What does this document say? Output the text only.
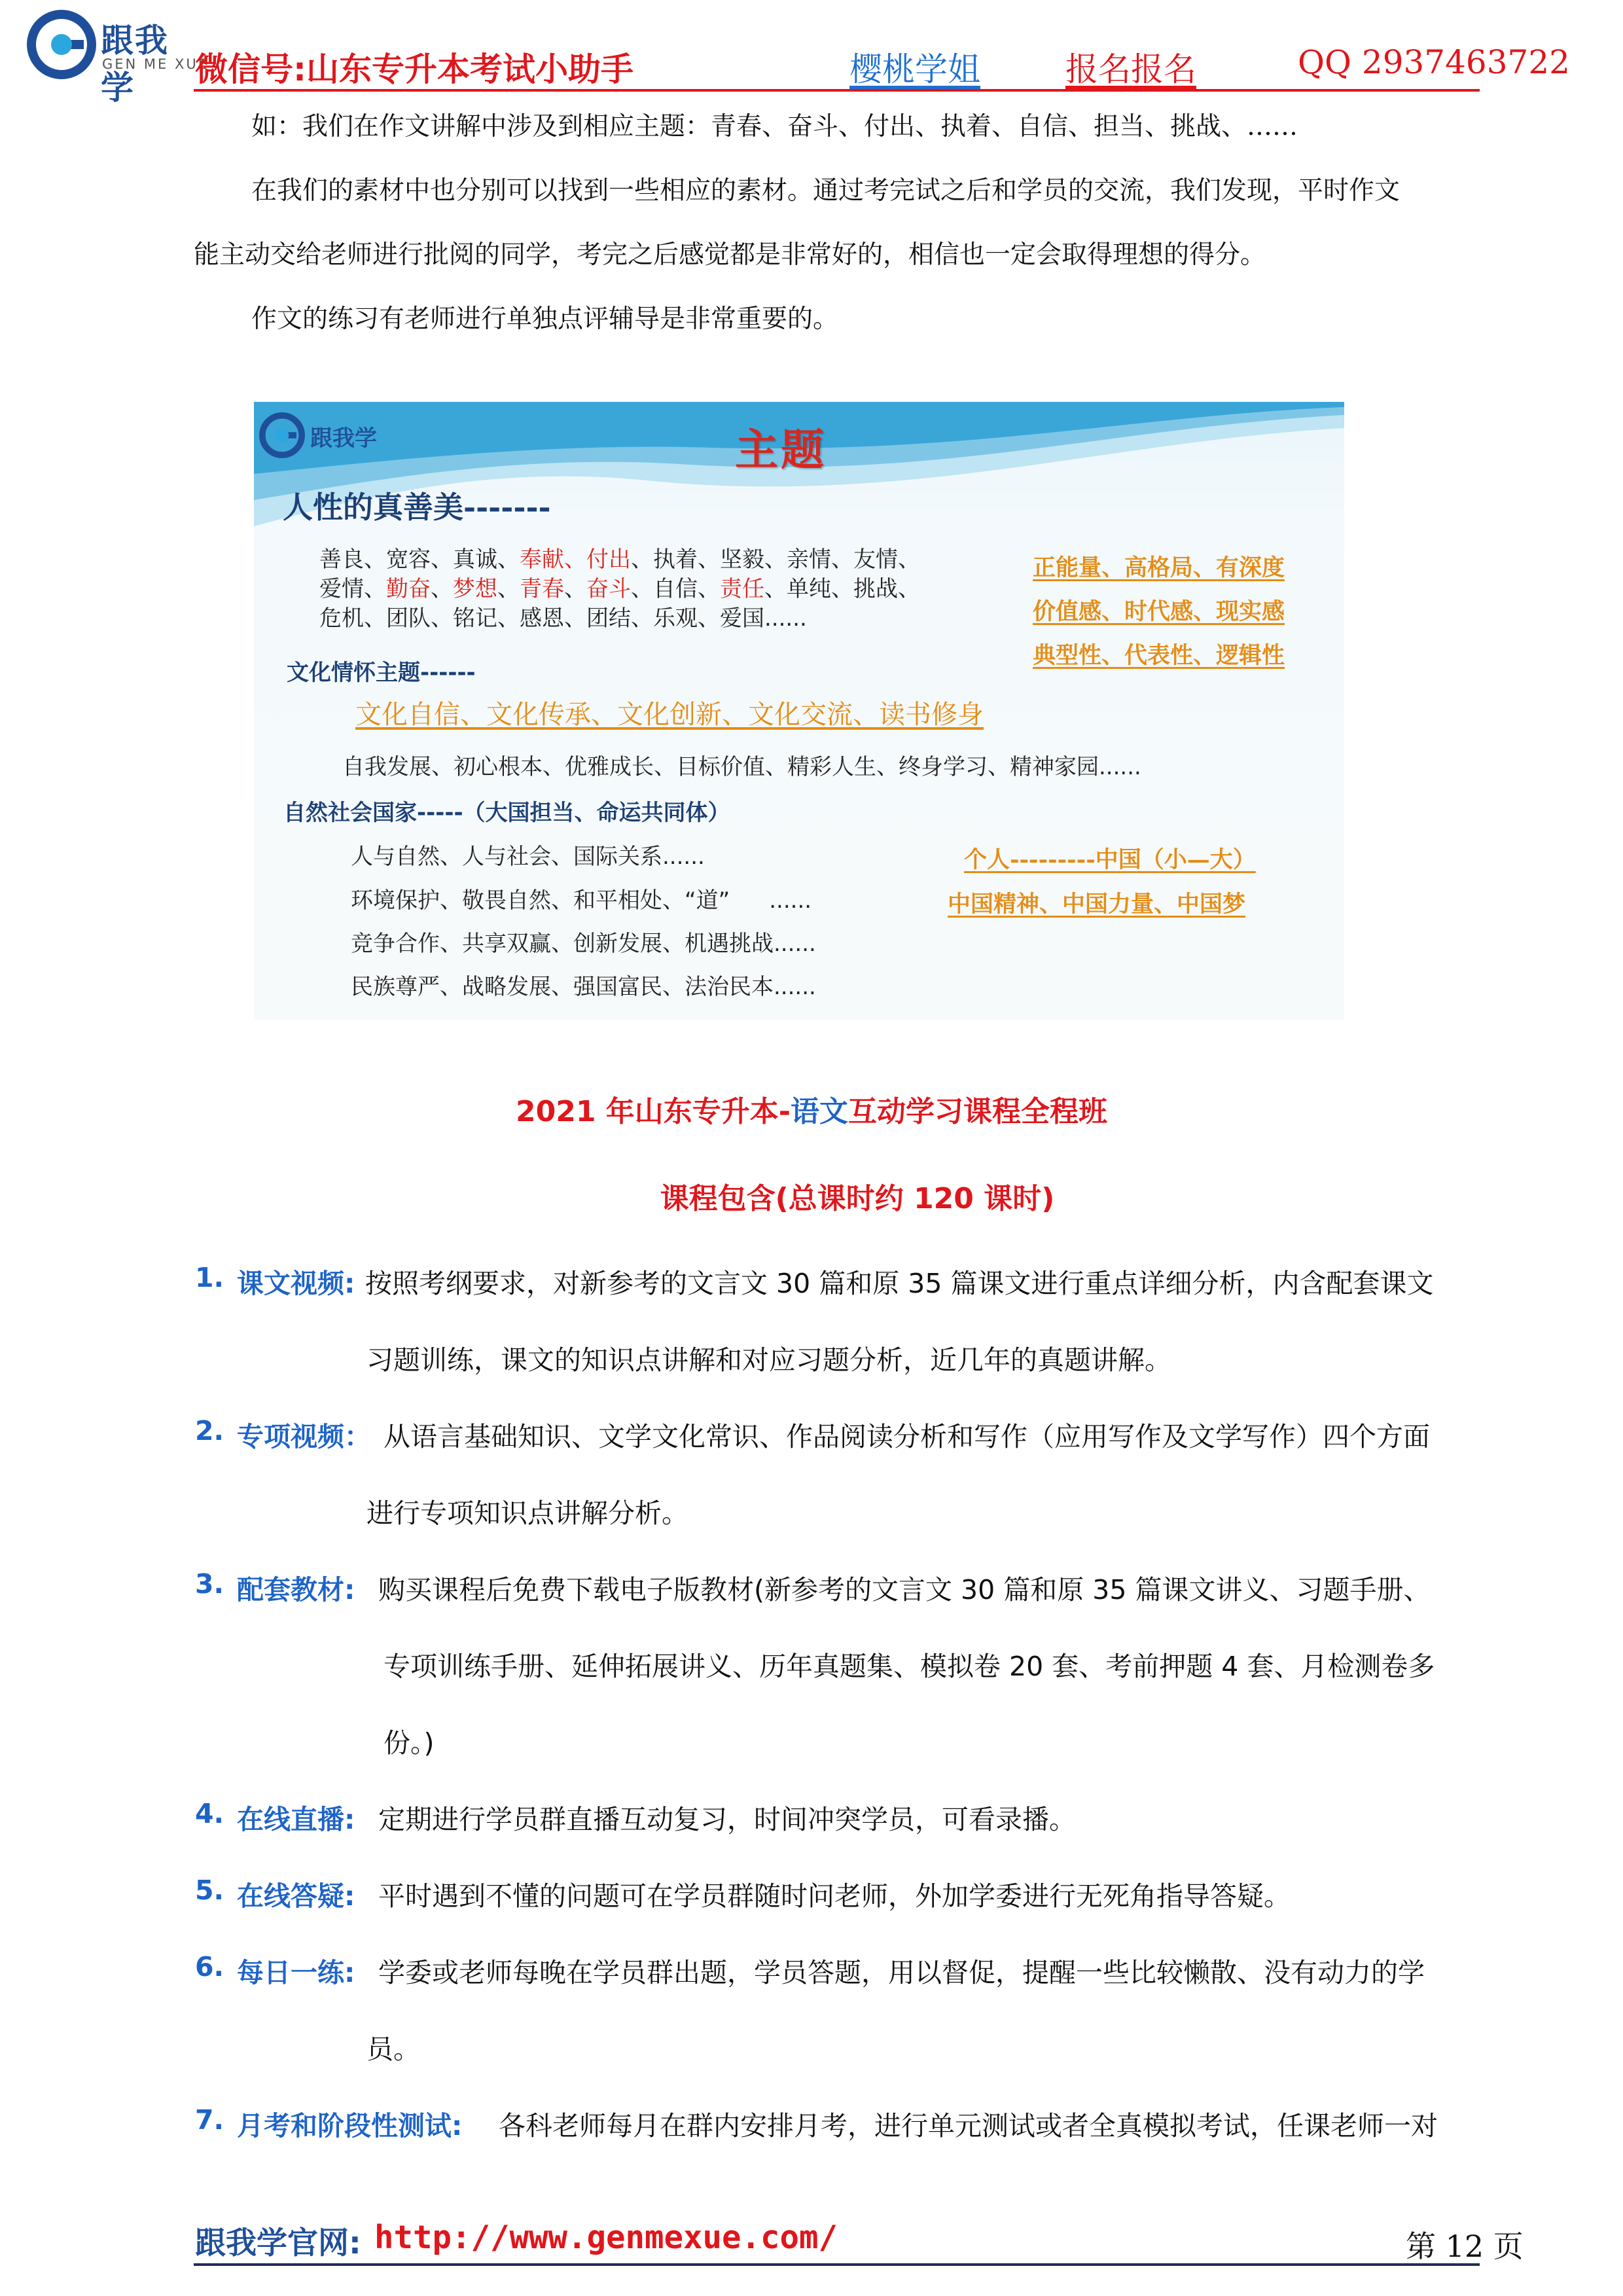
跟我学
GEN ME XUE
微信号:山东专升本考试小助手	樱桃学姐	报名报名	QQ 2937463722
如：我们在作文讲解中涉及到相应主题：青春、奋斗、付出、执着、自信、担当、挑战、……
在我们的素材中也分别可以找到一些相应的素材。通过考完试之后和学员的交流，我们发现，平时作文
能主动交给老师进行批阅的同学，考完之后感觉都是非常好的，相信也一定会取得理想的得分。
作文的练习有老师进行单独点评辅导是非常重要的。
跟我学	主题
人性的真善美-------
善良、宽容、真诚、奉献、付出、执着、坚毅、亲情、友情、
爱情、勤奋、梦想、青春、奋斗、自信、责任、单纯、挑战、
危机、团队、铭记、感恩、团结、乐观、爱国......
正能量、高格局、有深度
价值感、时代感、现实感
典型性、代表性、逻辑性
文化情怀主题------
文化自信、文化传承、文化创新、文化交流、读书修身
自我发展、初心根本、优雅成长、目标价值、精彩人生、终身学习、精神家园......
自然社会国家-----（大国担当、命运共同体）
人与自然、人与社会、国际关系......
环境保护、敬畏自然、和平相处、“道” ......
竞争合作、共享双赢、创新发展、机遇挑战......
民族尊严、战略发展、强国富民、法治民本......
个人---------中国（小—大）
中国精神、中国力量、中国梦
2021 年山东专升本-语文互动学习课程全程班
课程包含(总课时约 120 课时)
1. 课文视频: 按照考纲要求，对新参考的文言文 30 篇和原 35 篇课文进行重点详细分析，内含配套课文
习题训练，课文的知识点讲解和对应习题分析，近几年的真题讲解。
2. 专项视频： 从语言基础知识、文学文化常识、作品阅读分析和写作（应用写作及文学写作）四个方面
进行专项知识点讲解分析。
3. 配套教材: 购买课程后免费下载电子版教材(新参考的文言文 30 篇和原 35 篇课文讲义、习题手册、
专项训练手册、延伸拓展讲义、历年真题集、模拟卷 20 套、考前押题 4 套、月检测卷多
份。)
4. 在线直播: 定期进行学员群直播互动复习，时间冲突学员，可看录播。
5. 在线答疑: 平时遇到不懂的问题可在学员群随时问老师，外加学委进行无死角指导答疑。
6. 每日一练: 学委或老师每晚在学员群出题，学员答题，用以督促，提醒一些比较懒散、没有动力的学
员。
7. 月考和阶段性测试: 各科老师每月在群内安排月考，进行单元测试或者全真模拟考试，任课老师一对
跟我学官网: http://www.genmexue.com/	第 12 页
